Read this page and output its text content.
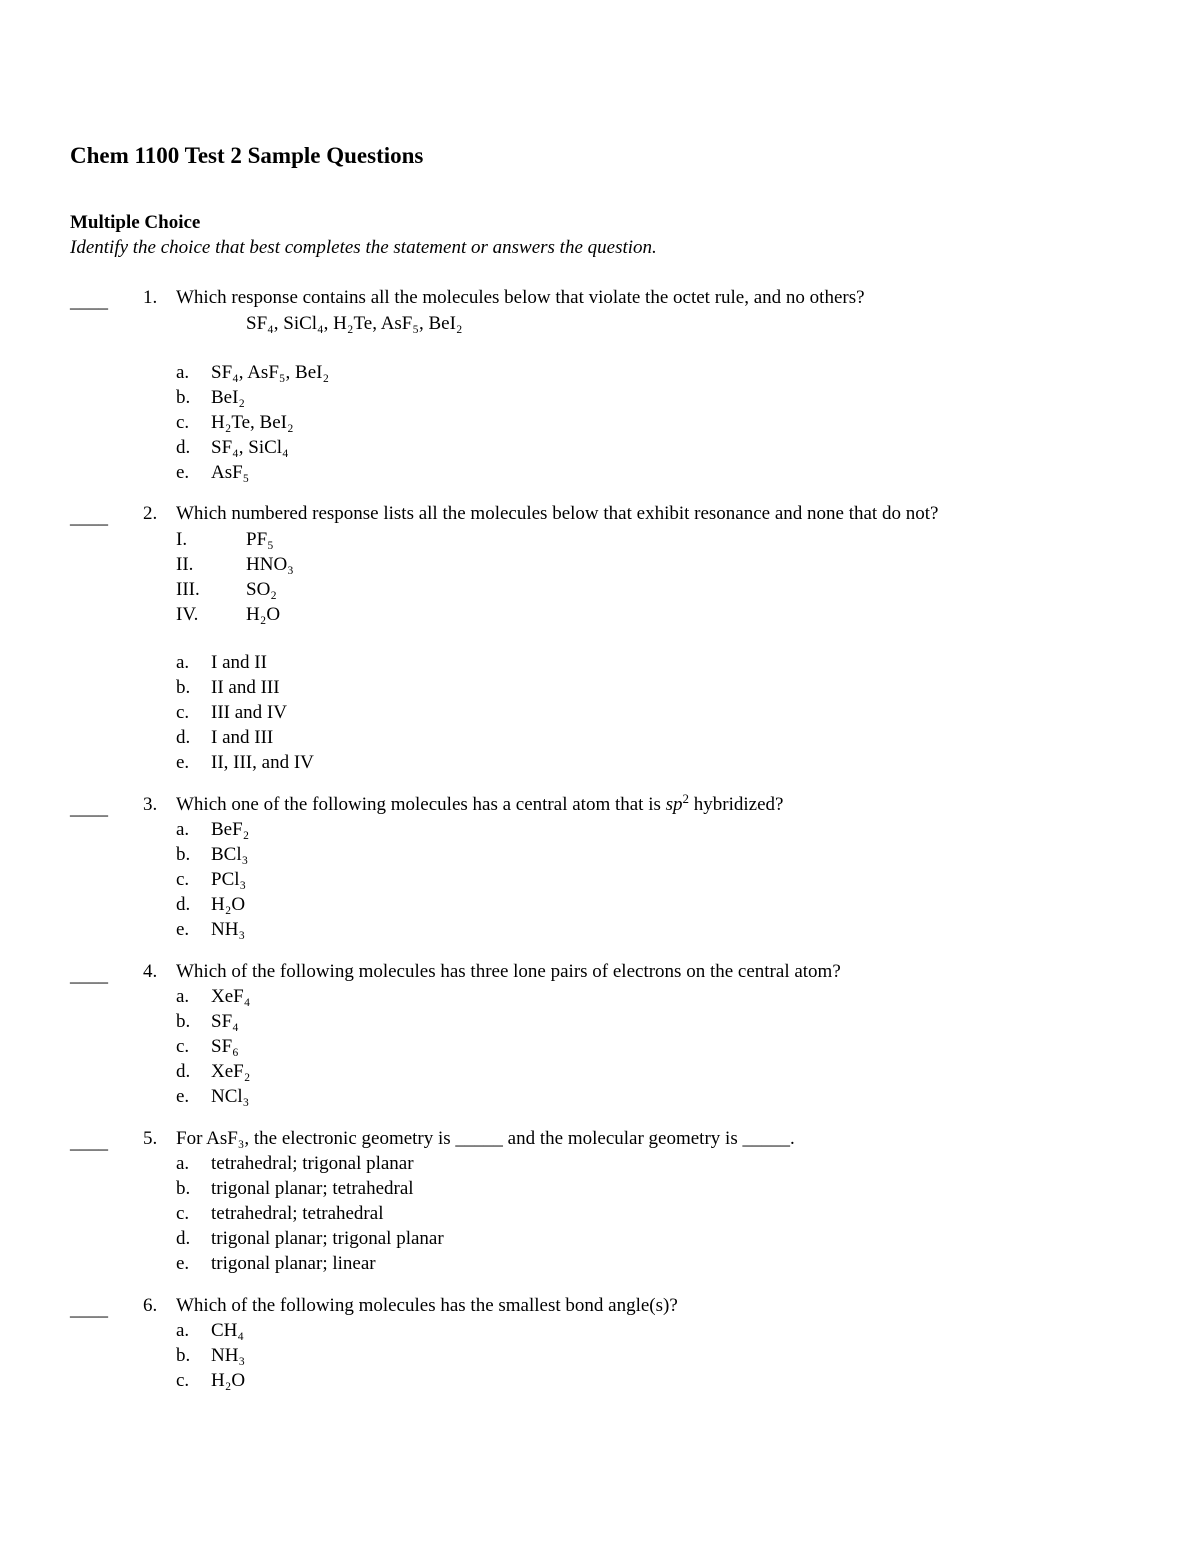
Chem 1100 Test 2 Sample Questions
Multiple Choice

Identify the choice that best completes the statement or answers the question.

____ 1. Which response contains all the molecules below that violate the octet rule, and no others?
SF₄, SiCl₄, H₂Te, AsF₅, BeI₂
a. SF₄, AsF₅, BeI₂
b. BeI₂
c. H₂Te, BeI₂
d. SF₄, SiCl₄
e. AsF₅
____ 2. Which numbered response lists all the molecules below that exhibit resonance and none that do not?
I.	PF₅
II.	HNO₃
III. SO₂
IV.	H₂O
a. I and II
b. II and III
c. III and IV
d. I and III
e. II, III, and IV
____ 3. Which one of the following molecules has a central atom that is $sp^2$ hybridized?
a. BeF₂
b. BCl₃
c. PCl₃
d. H₂O
e. NH₃
____ 4. Which of the following molecules has three lone pairs of electrons on the central atom?
a. XeF₄
b. SF₄
c. SF₆
d. XeF₂
e. NCl₃
____ 5. For AsF₃, the electronic geometry is _____ and the molecular geometry is _____.
a. tetrahedral; trigonal planar
b. trigonal planar; tetrahedral
c. tetrahedral; tetrahedral
d. trigonal planar; trigonal planar
e. trigonal planar; linear
____ 6. Which of the following molecules has the smallest bond angle(s)?
a. CH₄
b. NH₃
c. H₂O
